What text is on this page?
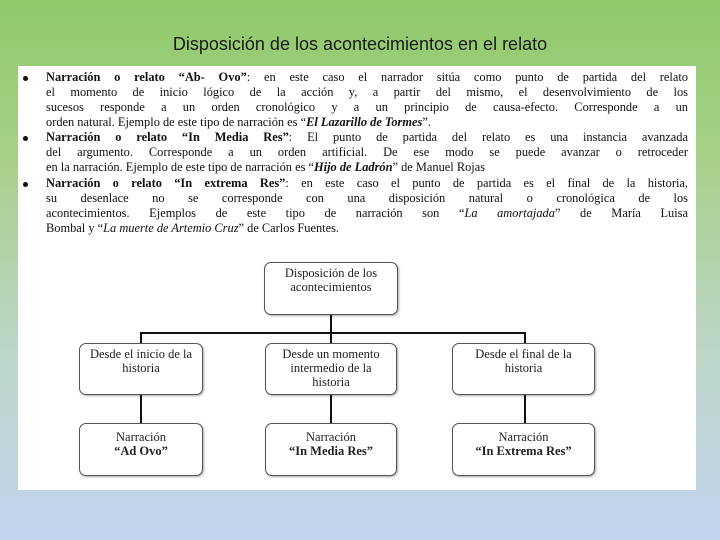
Disposición de los acontecimientos en el relato
Narración o relato “Ab- Ovo”: en este caso el narrador sitúa como punto de partida del relato
el momento de inicio lógico de la acción y, a partir del mismo, el desenvolvimiento de los
sucesos responde a un orden cronológico y a un principio de causa-efecto. Corresponde a un
orden natural. Ejemplo de este tipo de narración es “El Lazarillo de Tormes”.
Narración o relato “In Media Res”: El punto de partida del relato es una instancia avanzada
del argumento. Corresponde a un orden artificial. De ese modo se puede avanzar o retroceder
en la narración. Ejemplo de este tipo de narración es “Hijo de Ladrón” de Manuel Rojas
Narración o relato “In extrema Res”: en este caso el punto de partida es el final de la historia,
su desenlace no se corresponde con una disposición natural o cronológica de los
acontecimientos. Ejemplos de este tipo de narración son “La amortajada” de María Luisa
Bombal y “La muerte de Artemio Cruz” de Carlos Fuentes.
Disposición de los
acontecimientos
Desde el inicio de la
historia
Desde un momento
intermedio de la
historia
Desde el final de la
historia
Narración
“Ad Ovo”
Narración
“In Media Res”
Narración
“In Extrema Res”
